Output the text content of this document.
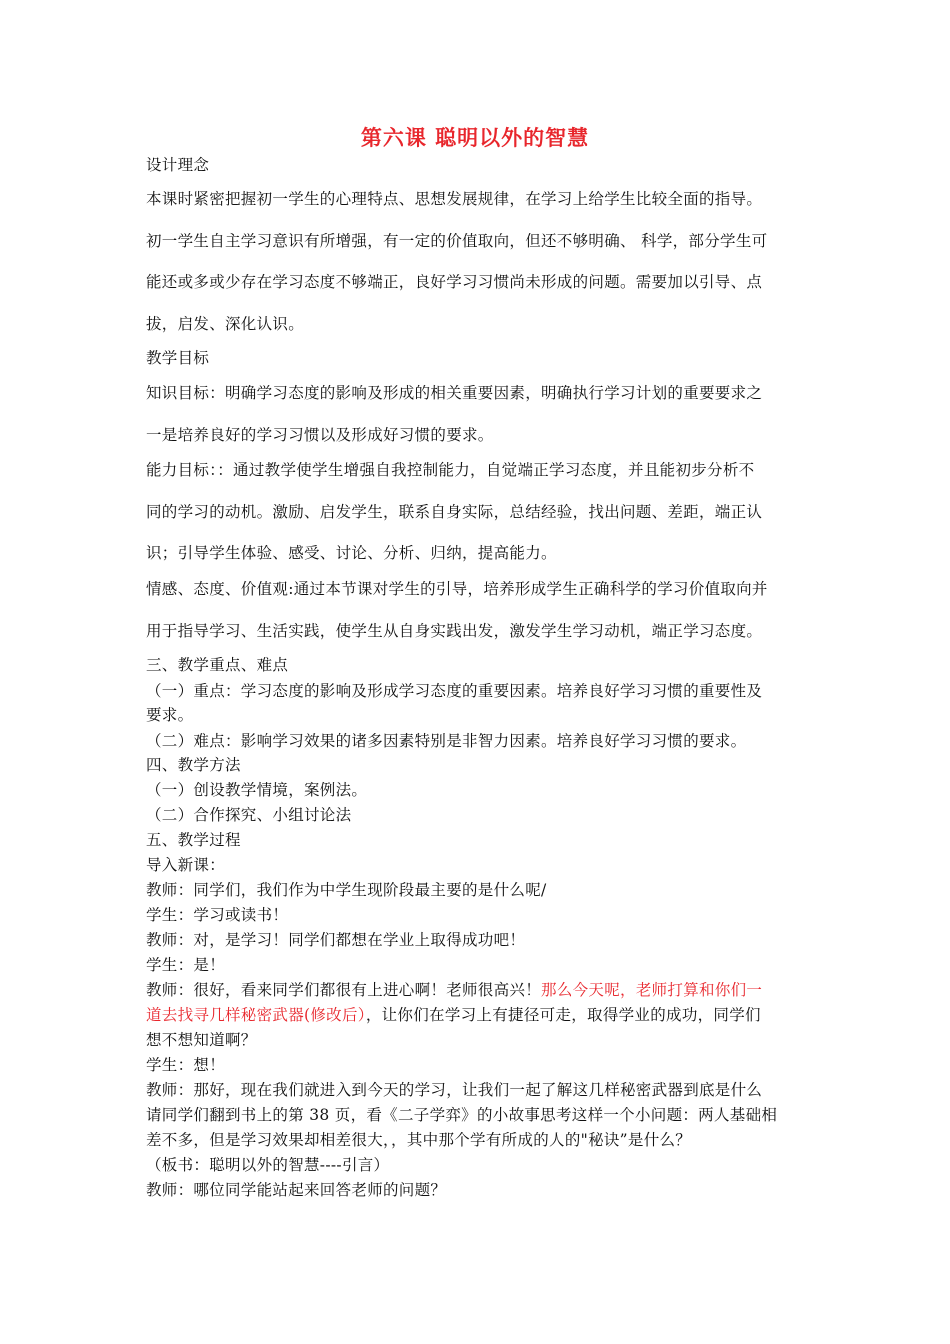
第六课 聪明以外的智慧
设计理念
本课时紧密把握初一学生的心理特点、思想发展规律，在学习上给学生比较全面的指导。
初一学生自主学习意识有所增强，有一定的价值取向，但还不够明确、 科学，部分学生可
能还或多或少存在学习态度不够端正，良好学习习惯尚未形成的问题。需要加以引导、点
拔，启发、深化认识。
教学目标
知识目标：明确学习态度的影响及形成的相关重要因素，明确执行学习计划的重要要求之
一是培养良好的学习习惯以及形成好习惯的要求。
能力目标：：通过教学使学生增强自我控制能力，自觉端正学习态度，并且能初步分析不
同的学习的动机。激励、启发学生，联系自身实际，总结经验，找出问题、差距，端正认
识；引导学生体验、感受、讨论、分析、归纳，提高能力。
情感、态度、价值观:通过本节课对学生的引导，培养形成学生正确科学的学习价值取向并
用于指导学习、生活实践，使学生从自身实践出发，激发学生学习动机，端正学习态度。
三、教学重点、难点
（一）重点：学习态度的影响及形成学习态度的重要因素。培养良好学习习惯的重要性及
要求。
（二）难点：影响学习效果的诸多因素特别是非智力因素。培养良好学习习惯的要求。
四、教学方法
（一）创设教学情境，案例法。
（二）合作探究、小组讨论法
五、教学过程
导入新课：
教师：同学们，我们作为中学生现阶段最主要的是什么呢/
学生：学习或读书！
教师：对，是学习！同学们都想在学业上取得成功吧！
学生：是！
教师：很好，看来同学们都很有上进心啊！老师很高兴！那么今天呢，老师打算和你们一
道去找寻几样秘密武器(修改后），让你们在学习上有捷径可走，取得学业的成功，同学们
想不想知道啊？
学生：想！
教师：那好，现在我们就进入到今天的学习，让我们一起了解这几样秘密武器到底是什么
请同学们翻到书上的第 38 页，看《二子学弈》的小故事思考这样一个小问题：两人基础相
差不多，但是学习效果却相差很大，，其中那个学有所成的人的"秘诀”是什么？
（板书：聪明以外的智慧----引言）
教师：哪位同学能站起来回答老师的问题？
